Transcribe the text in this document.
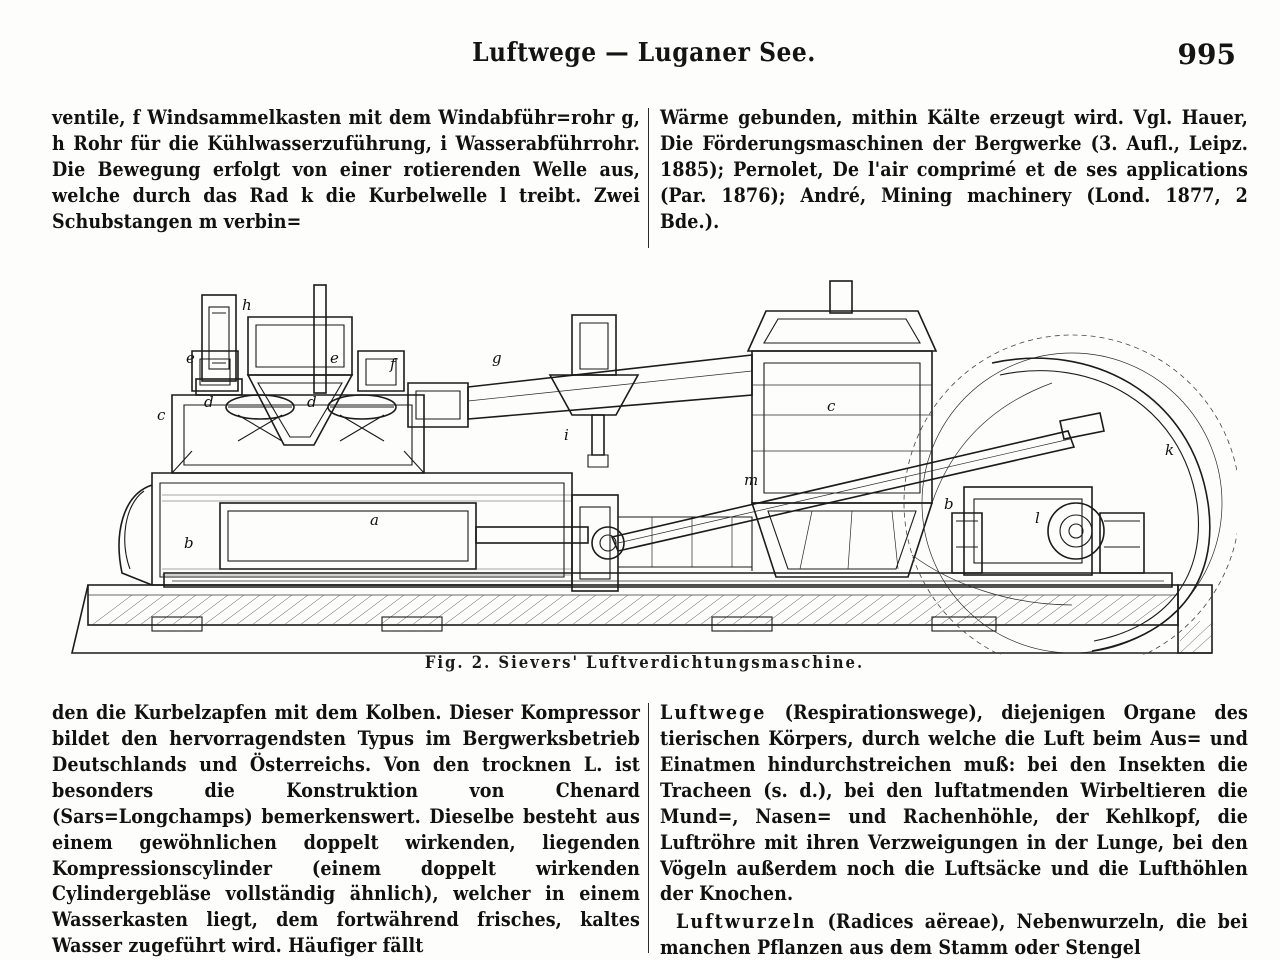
Luftwege — Luganer See.	995

ventile, f Windsammelkasten mit dem Windabführ=rohr g, h Rohr für die Kühlwasserzuführung, i Wasserabführrohr. Die Bewegung erfolgt von einer rotierenden Welle aus, welche durch das Rad k die Kurbelwelle l treibt. Zwei Schubstangen m verbin=

Wärme gebunden, mithin Kälte erzeugt wird. Vgl. Hauer, Die Förderungsmaschinen der Bergwerke (3. Aufl., Leipz. 1885); Pernolet, De l'air comprimé et de ses applications (Par. 1876); André, Mining machinery (Lond. 1877, 2 Bde.).

h
e	e	f	g
c
d	d
i
c
k
m
a
b
b
l
Fig. 2. Sievers' Luftverdichtungsmaschine.

den die Kurbelzapfen mit dem Kolben. Dieser Kompressor bildet den hervorragendsten Typus im Bergwerksbetrieb Deutschlands und Österreichs. Von den trocknen L. ist besonders die Konstruktion von Chenard (Sars=Longchamps) bemerkenswert. Dieselbe besteht aus einem gewöhnlichen doppelt wirkenden, liegenden Kompressionscylinder (einem doppelt wirkenden Cylindergebläse vollständig ähnlich), welcher in einem Wasserkasten liegt, dem fortwährend frisches, kaltes Wasser zugeführt wird. Häufiger fällt

Luftwege (Respirationswege), diejenigen Organe des tierischen Körpers, durch welche die Luft beim Aus= und Einatmen hindurchstreichen muß: bei den Insekten die Tracheen (s. d.), bei den luftatmenden Wirbeltieren die Mund=, Nasen= und Rachenhöhle, der Kehlkopf, die Luftröhre mit ihren Verzweigungen in der Lunge, bei den Vögeln außerdem noch die Luftsäcke und die Lufthöhlen der Knochen.

Luftwurzeln (Radices aëreae), Nebenwurzeln, die bei manchen Pflanzen aus dem Stamm oder Stengel
